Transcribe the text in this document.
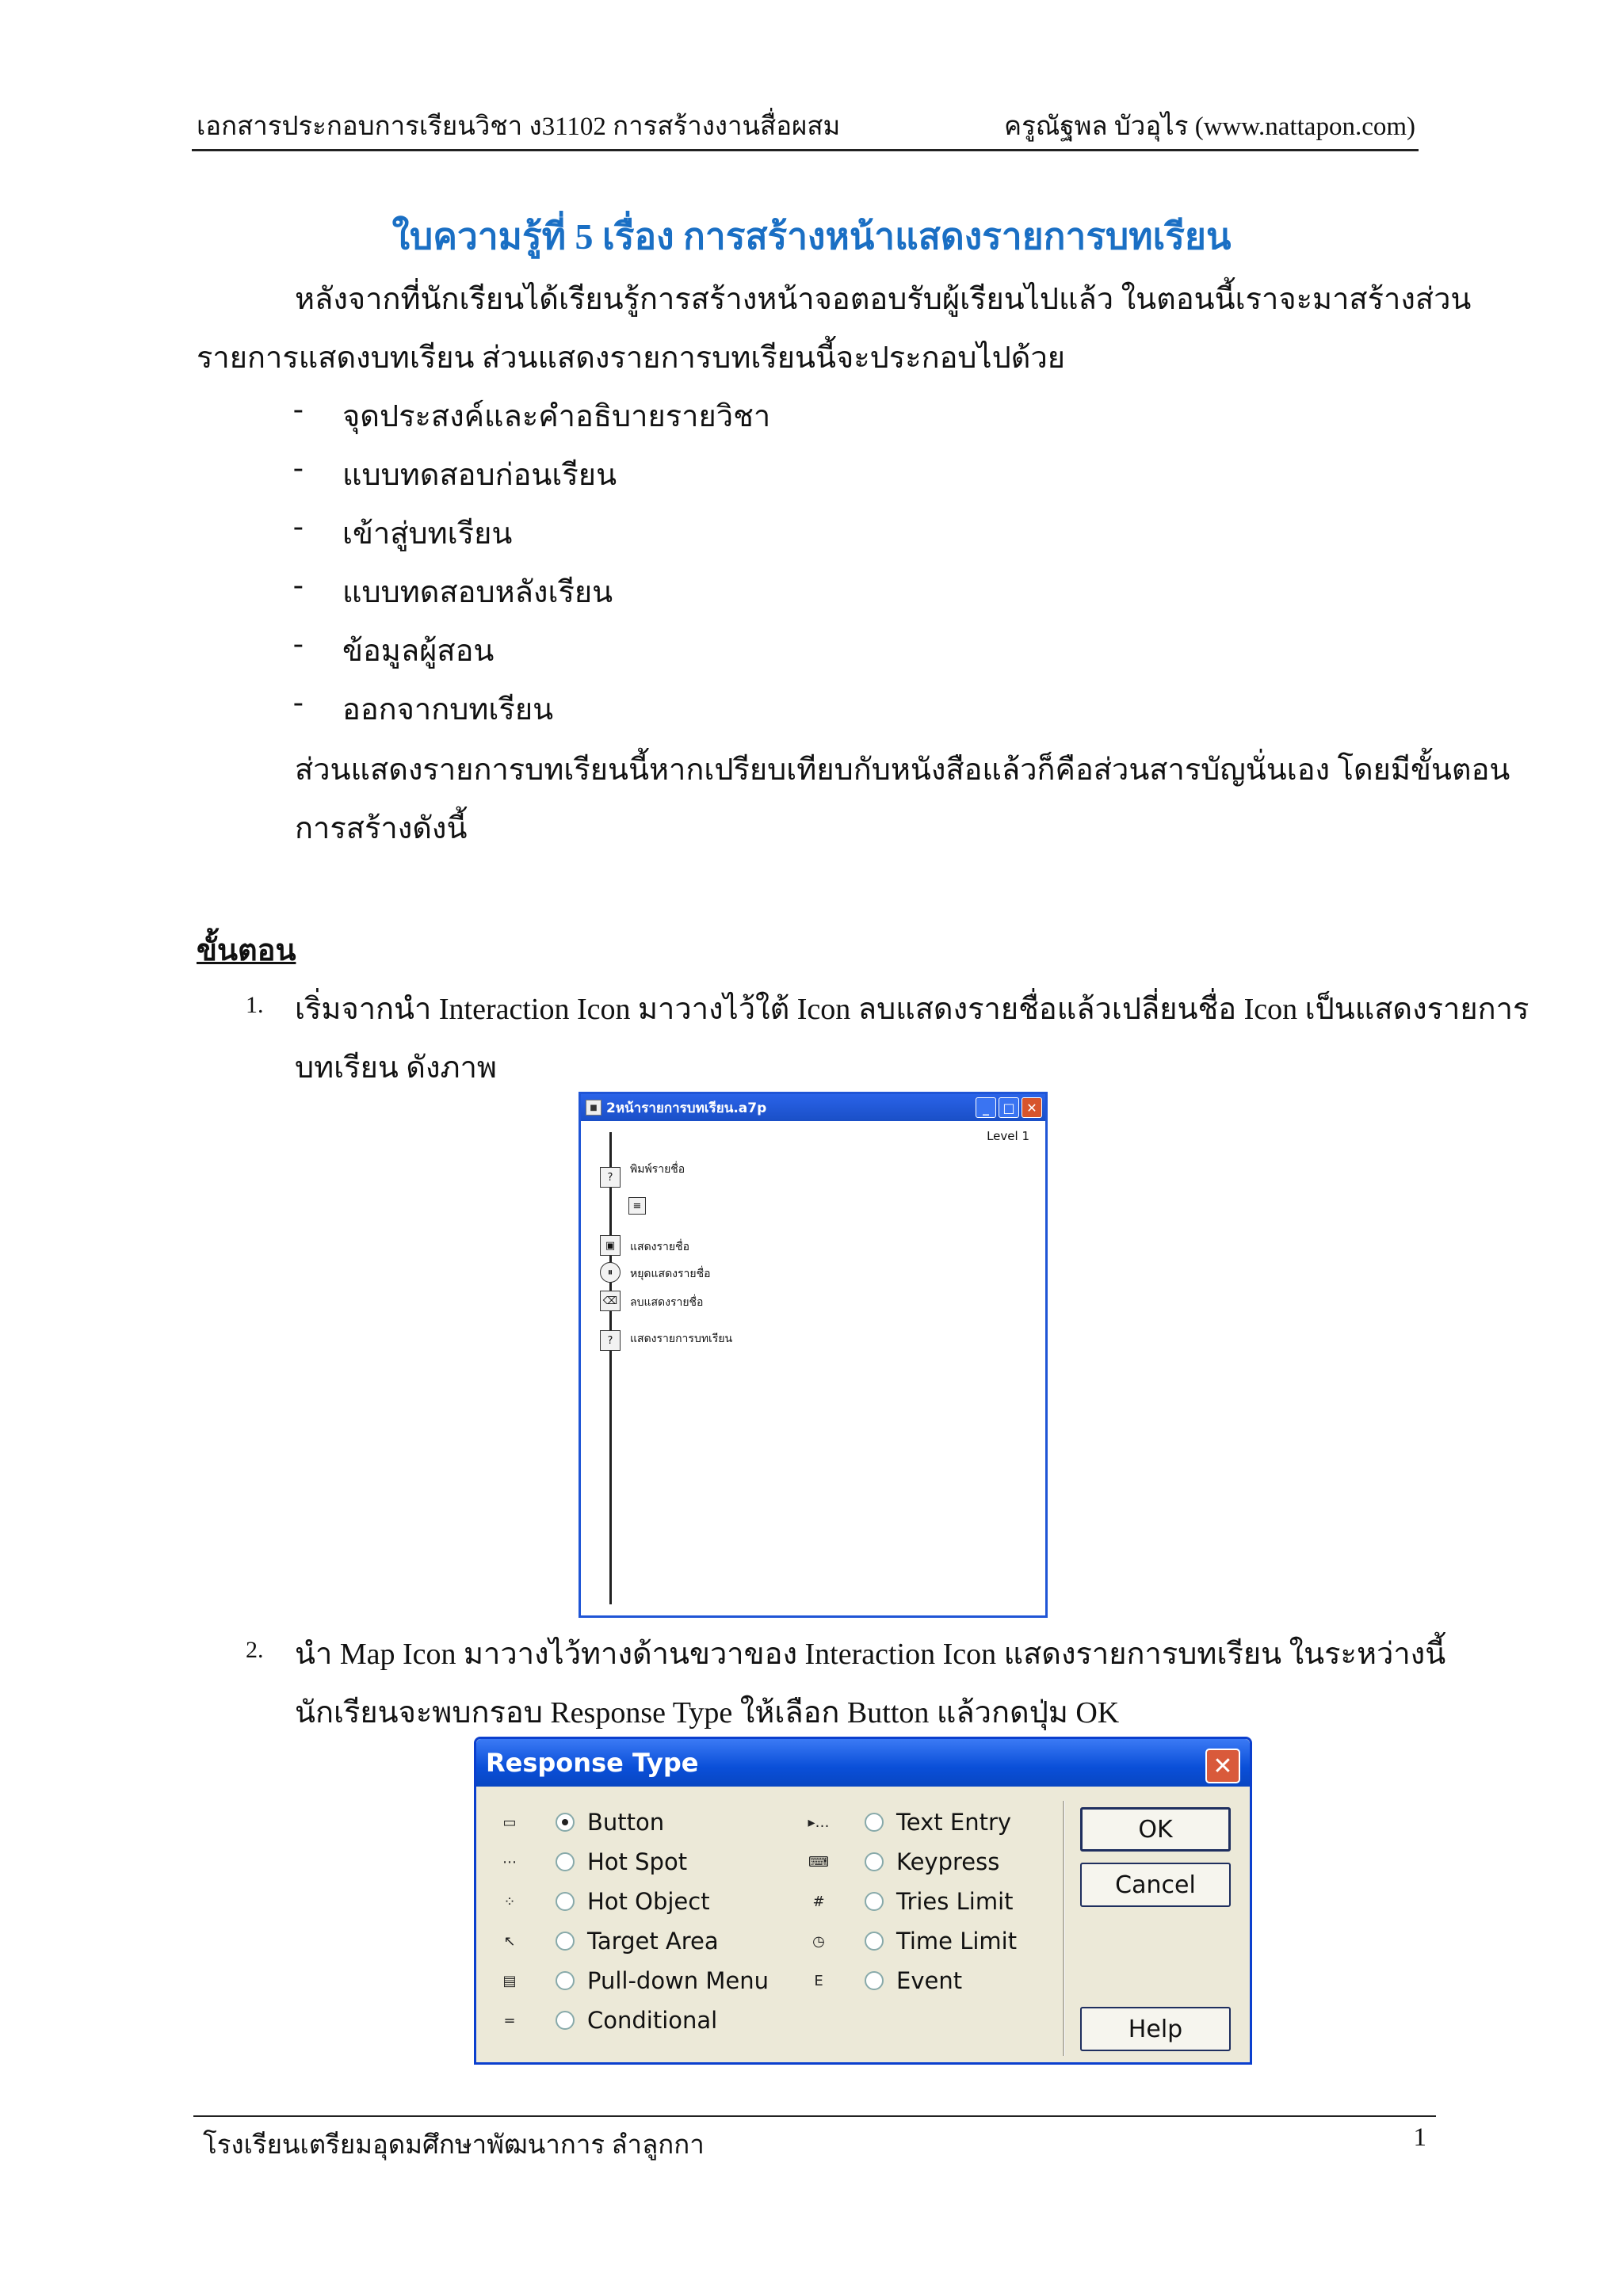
เอกสารประกอบการเรียนวิชา ง31102 การสร้างงานสื่อผสม	ครูณัฐพล บัวอุไร (www.nattapon.com)
ใบความรู้ที่ 5 เรื่อง การสร้างหน้าแสดงรายการบทเรียน
หลังจากที่นักเรียนได้เรียนรู้การสร้างหน้าจอตอบรับผู้เรียนไปแล้ว ในตอนนี้เราจะมาสร้างส่วน
รายการแสดงบทเรียน ส่วนแสดงรายการบทเรียนนี้จะประกอบไปด้วย
- จุดประสงค์และคำอธิบายรายวิชา
- แบบทดสอบก่อนเรียน
- เข้าสู่บทเรียน
- แบบทดสอบหลังเรียน
- ข้อมูลผู้สอน
- ออกจากบทเรียน
ส่วนแสดงรายการบทเรียนนี้หากเปรียบเทียบกับหนังสือแล้วก็คือส่วนสารบัญนั่นเอง โดยมีขั้นตอน
การสร้างดังนี้
ขั้นตอน
1. เริ่มจากนำ Interaction Icon มาวางไว้ใต้ Icon ลบแสดงรายชื่อแล้วเปลี่ยนชื่อ Icon เป็นแสดงรายการ
บทเรียน ดังภาพ
■ 2หน้ารายการบทเรียน.a7p	_	□ ✕
Level 1
?
พิมพ์รายชื่อ
≡
▣	แสดงรายชื่อ
⏸	หยุดแสดงรายชื่อ
⌫ ลบแสดงรายชื่อ
?	แสดงรายการบทเรียน
2. นำ Map Icon มาวางไว้ทางด้านขวาของ Interaction Icon แสดงรายการบทเรียน ในระหว่างนี้
นักเรียนจะพบกรอบ Response Type ให้เลือก Button แล้วกดปุ่ม OK
Response Type	✕
▭	Button
⋯	Hot Spot
⁘	Hot Object
↖	Target Area
▤	Pull-down Menu
=	Conditional
▸…	Text Entry
⌨	Keypress
#	Tries Limit
◷	Time Limit
E	Event
OK
Cancel
Help
โรงเรียนเตรียมอุดมศึกษาพัฒนาการ ลำลูกกา	1
